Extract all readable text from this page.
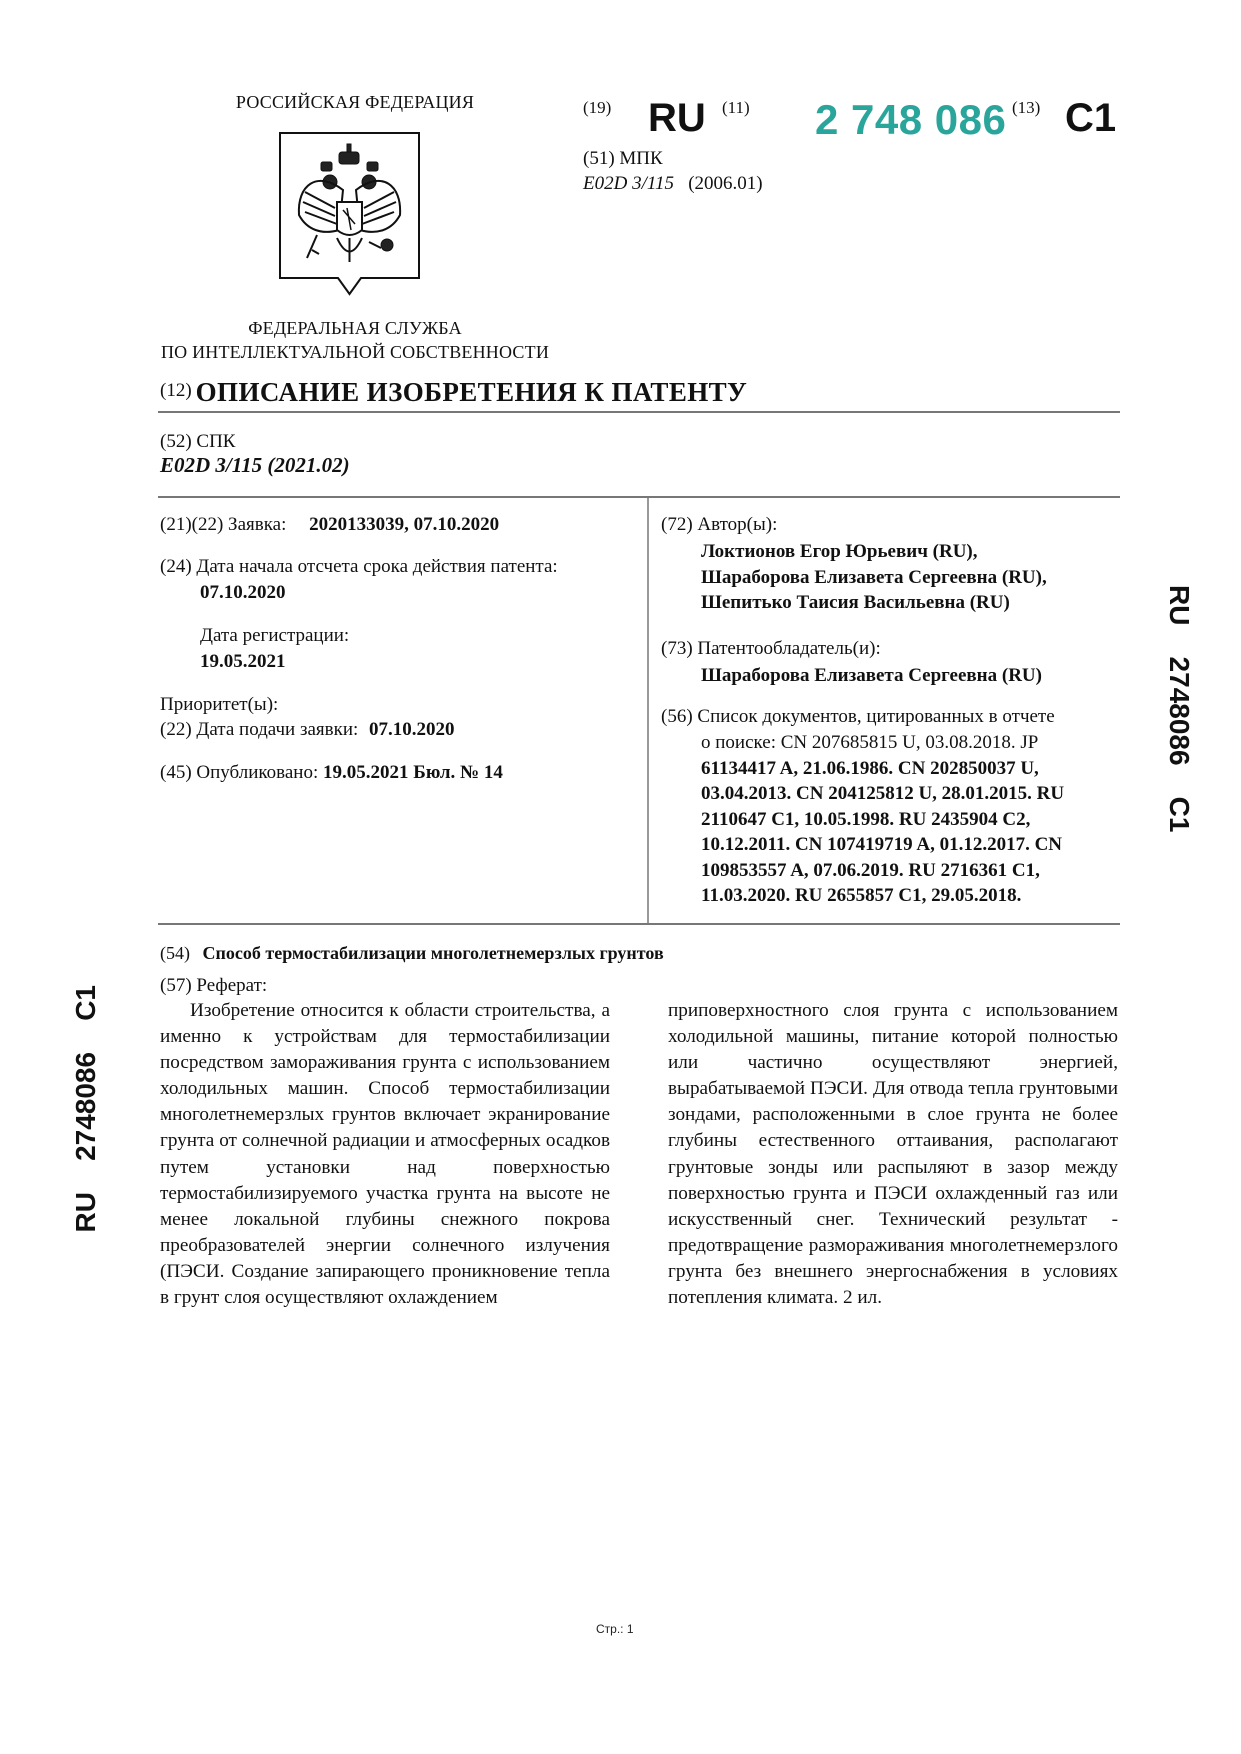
РОССИЙСКАЯ ФЕДЕРАЦИЯ
ФЕДЕРАЛЬНАЯ СЛУЖБА
ПО ИНТЕЛЛЕКТУАЛЬНОЙ СОБСТВЕННОСТИ
(19) RU (11) 2 748 086 (13) C1
(51) МПК
E02D 3/115 (2006.01)
(12) ОПИСАНИЕ ИЗОБРЕТЕНИЯ К ПАТЕНТУ
(52) СПК
E02D 3/115 (2021.02)
(21)(22) Заявка: 2020133039, 07.10.2020
(24) Дата начала отсчета срока действия патента:
07.10.2020
Дата регистрации:
19.05.2021
Приоритет(ы):
(22) Дата подачи заявки: 07.10.2020
(45) Опубликовано: 19.05.2021 Бюл. № 14
(72) Автор(ы):
Локтионов Егор Юрьевич (RU),
Шараборова Елизавета Сергеевна (RU),
Шепитько Таисия Васильевна (RU)
(73) Патентообладатель(и):
Шараборова Елизавета Сергеевна (RU)
(56) Список документов, цитированных в отчете
о поиске: CN 207685815 U, 03.08.2018. JP
61134417 A, 21.06.1986. CN 202850037 U,
03.04.2013. CN 204125812 U, 28.01.2015. RU
2110647 C1, 10.05.1998. RU 2435904 C2,
10.12.2011. CN 107419719 A, 01.12.2017. CN
109853557 A, 07.06.2019. RU 2716361 C1,
11.03.2020. RU 2655857 C1, 29.05.2018.
(54) Способ термостабилизации многолетнемерзлых грунтов
(57) Реферат:

Изобретение относится к области строительства, а именно к устройствам для термостабилизации посредством замораживания грунта с использованием холодильных машин. Способ термостабилизации многолетнемерзлых грунтов включает экранирование грунта от солнечной радиации и атмосферных осадков путем установки над поверхностью термостабилизируемого участка грунта на высоте не менее локальной глубины снежного покрова преобразователей энергии солнечного излучения (ПЭСИ. Создание запирающего проникновение тепла в грунт слоя осуществляют охлаждением

приповерхностного слоя грунта с использованием холодильной машины, питание которой полностью или частично осуществляют энергией, вырабатываемой ПЭСИ. Для отвода тепла грунтовыми зондами, расположенными в слое грунта не более глубины естественного оттаивания, располагают грунтовые зонды или распыляют в зазор между поверхностью грунта и ПЭСИ охлажденный газ или искусственный снег. Технический результат - предотвращение размораживания многолетнемерзлого грунта без внешнего энергоснабжения в условиях потепления климата. 2 ил.

RU    2748086    C1
RU    2748086    C1
Стр.: 1
